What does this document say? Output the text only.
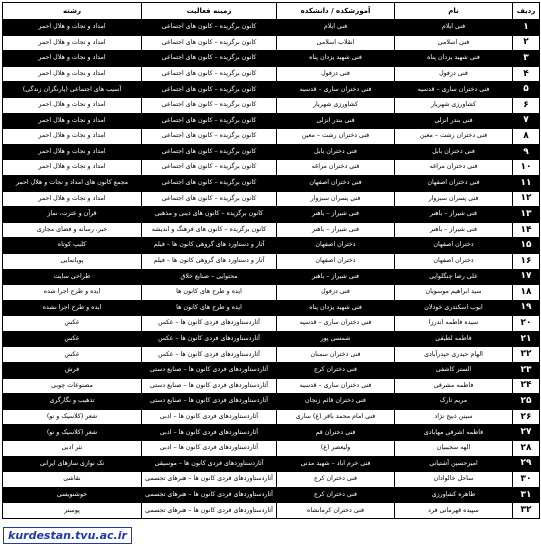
ردیف	نام	آموزشکده / دانشکده	زمینه فعالیت	رشته
۱	فنی ایلام	فنی ایلام	کانون برگزیده – کانون های اجتماعی	امداد و نجات و هلال احمر
۲	فنی اسلامی	انقلاب اسلامی	کانون برگزیده – کانون های اجتماعی	امداد و نجات و هلال احمر
۳	فنی شهید یزدان پناه	فنی شهید یزدان پناه	کانون برگزیده – کانون های اجتماعی	امداد و نجات و هلال احمر
۴	فنی دزفول	فنی دزفول	کانون برگزیده – کانون های اجتماعی	امداد و نجات و هلال احمر
۵	فنی دختران ساری – قدسیه	فنی دختران ساری – قدسیه	کانون برگزیده – کانون های اجتماعی	آسیب های اجتماعی (پارنگران زندگی)
۶	کشاورزی شهریار	کشاورزی شهریار	کانون برگزیده – کانون های اجتماعی	امداد و نجات و هلال احمر
۷	فنی بندر انزلی	فنی بندر انزلی	کانون برگزیده – کانون های اجتماعی	امداد و نجات و هلال احمر
۸	فنی دختران رشت – معین	فنی دختران رشت – معین	کانون برگزیده – کانون های اجتماعی	امداد و نجات و هلال احمر
۹	فنی دختران بابل	فنی دختران بابل	کانون برگزیده – کانون های اجتماعی	امداد و نجات و هلال احمر
۱۰	فنی دختران مراغه	فنی دختران مراغه	کانون برگزیده – کانون های اجتماعی	امداد و نجات و هلال احمر
۱۱	فنی دختران اصفهان	فنی دختران اصفهان	کانون برگزیده – کانون های اجتماعی	مجمع کانون های امداد و نجات و هلال احمر
۱۲	فنی پسران سبزوار	فنی پسران سبزوار	کانون برگزیده – کانون های اجتماعی	امداد و نجات و هلال احمر
۱۳	فنی شیراز – باهنر	فنی شیراز – باهنر	کانون برگزیده – کانون های دینی و مذهبی	قرآن و عترت، نماز
۱۴	فنی شیراز – باهنر	فنی شیراز – باهنر	کانون برگزیده – کانون های فرهنگ و اندیشه	خبر، رسانه و فضای مجازی
۱۵	دختران اصفهان	دختران اصفهان	آثار و دستاورد های گروهی کانون ها – فیلم	کلیپ کوتاه
۱۶	دختران اصفهان	دختران اصفهان	آثار و دستاورد های گروهی کانون ها – فیلم	پویانمایی
۱۷	علی رضا چنگلوایی	فنی شیراز – باهنر	محتوایی – صنایع خلاق	طراحی سایت
۱۸	سید ابراهیم موسویان	فنی دزفول	ایده و طرح های کانون ها	ایده و طرح اجرا شده
۱۹	ایوب اسکندری خودلان	فنی شهید یزدان پناه	ایده و طرح های کانون ها	ایده و طرح اجرا نشده
۲۰	سیده فاطمه اندرزا	فنی دختران ساری – قدسیه	آثاردستاوردهای فردی کانون ها – عکس	عکس
۲۱	فاطمه لطیفی	شمسی پور	آثاردستاوردهای فردی کانون ها – عکس	عکس
۲۲	الهام حیدری حیدرآبادی	فنی دختران سمنان	آثاردستاوردهای فردی کانون ها – عکس	عکس
۲۳	الستر کاشفی	فنی دختران کرج	آثاردستاوردهای فردی کانون ها – صنایع دستی	فرش
۲۴	فاطمه مشرقی	فنی دختران ساری – قدسیه	آثاردستاوردهای فردی کانون ها – صنایع دستی	مصنوعات چوبی
۲۵	مریم تارک	فنی دختران قائم زنجان	آثاردستاوردهای فردی کانون ها – صنایع دستی	تذهیب و نگارگری
۲۶	سینن ذبیح نژاد	فنی امام محمد باقر (ع) ساری	آثاردستاوردهای فردی کانون ها – ادبی	شعر (کلاسیک و نو)
۲۷	فاطمه اشرفی مهابادی	فنی دختران قم	آثاردستاوردهای فردی کانون ها – ادبی	شعر (کلاسیک و نو)
۲۸	الهه سجیبیان	ولیعصر (ع)	آثاردستاوردهای فردی کانون ها – ادبی	نثر ادبی
۲۹	امیرحسین آشتیانی	فنی خرم اباد – شهید مدنی	آثاردستاوردهای فردی کانون ها – موسیقی	تک نوازی سازهای ایرانی
۳۰	ساحل خالوادان	فنی دختران کرج	آثاردستاوردهای فردی کانون ها – هنرهای تجسمی	نقاشی
۳۱	طاهره کشاورزی	فنی دختران کرج	آثاردستاوردهای فردی کانون ها – هنرهای تجسمی	خوشنویسی
۳۲	سپیده قهرمانی فرد	فنی دختران کرمانشاه	آثاردستاوردهای فردی کانون ها – هنرهای تجسمی	پوستر
kurdestan.tvu.ac.ir
